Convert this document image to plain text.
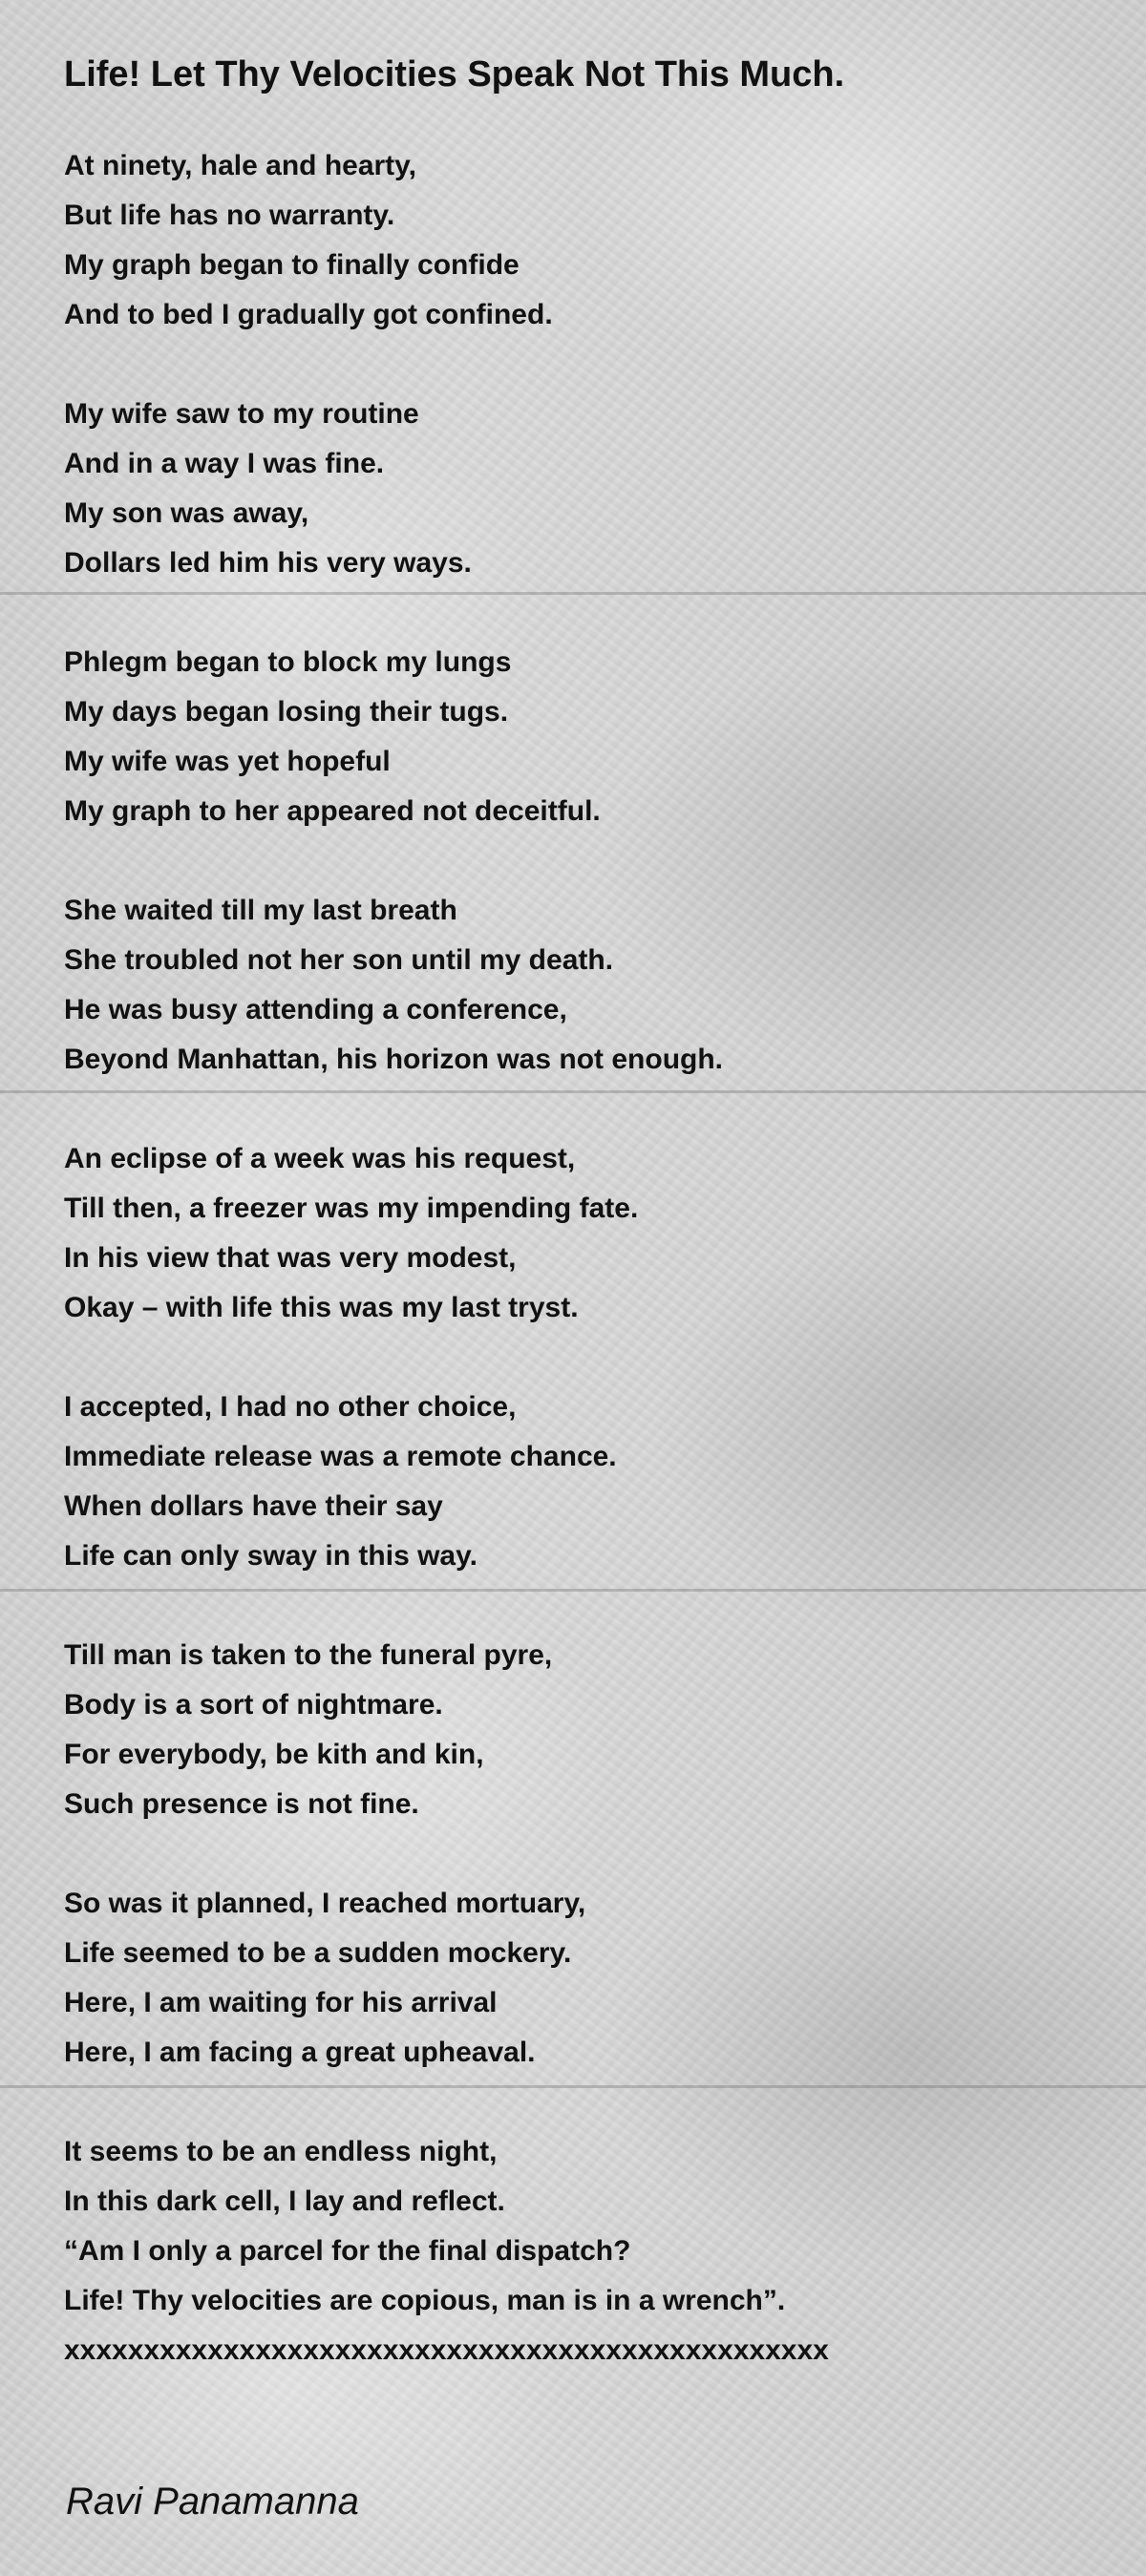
Life! Let Thy Velocities Speak Not This Much.
At ninety, hale and hearty,
But life has no warranty.
My graph began to finally confide
And to bed I gradually got confined.
My wife saw to my routine
And in a way I was fine.
My son was away,
Dollars led him his very ways.
Phlegm began to block my lungs
My days began losing their tugs.
My wife was yet hopeful
My graph to her appeared not deceitful.
She waited till my last breath
She troubled not her son until my death.
He was busy attending a conference,
Beyond Manhattan, his horizon was not enough.
An eclipse of a week was his request,
Till then, a freezer was my impending fate.
In his view that was very modest,
Okay – with life this was my last tryst.
I accepted, I had no other choice,
Immediate release was a remote chance.
When dollars have their say
Life can only sway in this way.
Till man is taken to the funeral pyre,
Body is a sort of nightmare.
For everybody, be kith and kin,
Such presence is not fine.
So was it planned, I reached mortuary,
Life seemed to be a sudden mockery.
Here, I am waiting for his arrival
Here, I am facing a great upheaval.
It seems to be an endless night,
In this dark cell, I lay and reflect.
“Am I only a parcel for the final dispatch?
Life! Thy velocities are copious, man is in a wrench”.
xxxxxxxxxxxxxxxxxxxxxxxxxxxxxxxxxxxxxxxxxxxxxxxx

Ravi Panamanna
